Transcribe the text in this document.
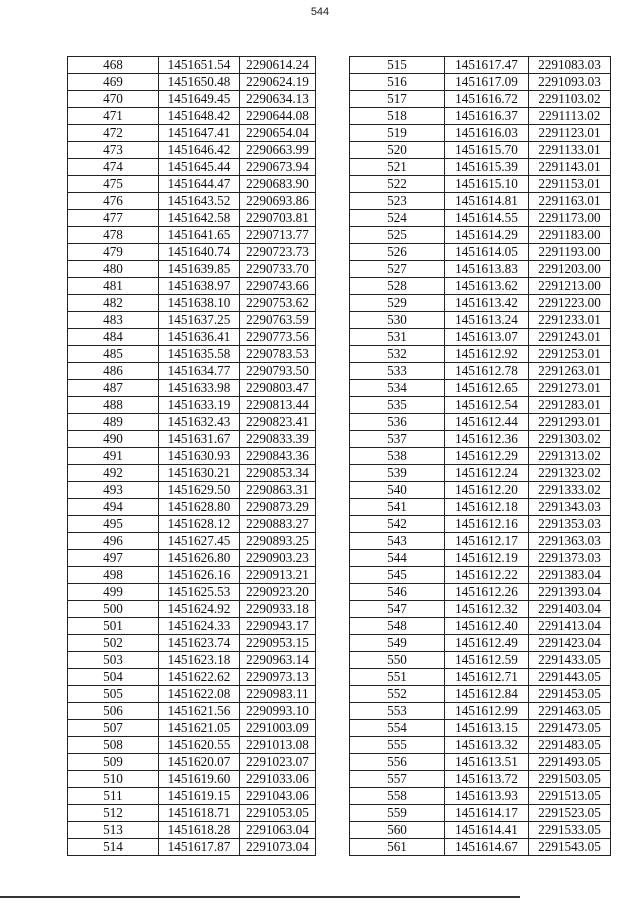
544
468	1451651.54	2290614.24
469	1451650.48	2290624.19
470	1451649.45	2290634.13
471	1451648.42	2290644.08
472	1451647.41	2290654.04
473	1451646.42	2290663.99
474	1451645.44	2290673.94
475	1451644.47	2290683.90
476	1451643.52	2290693.86
477	1451642.58	2290703.81
478	1451641.65	2290713.77
479	1451640.74	2290723.73
480	1451639.85	2290733.70
481	1451638.97	2290743.66
482	1451638.10	2290753.62
483	1451637.25	2290763.59
484	1451636.41	2290773.56
485	1451635.58	2290783.53
486	1451634.77	2290793.50
487	1451633.98	2290803.47
488	1451633.19	2290813.44
489	1451632.43	2290823.41
490	1451631.67	2290833.39
491	1451630.93	2290843.36
492	1451630.21	2290853.34
493	1451629.50	2290863.31
494	1451628.80	2290873.29
495	1451628.12	2290883.27
496	1451627.45	2290893.25
497	1451626.80	2290903.23
498	1451626.16	2290913.21
499	1451625.53	2290923.20
500	1451624.92	2290933.18
501	1451624.33	2290943.17
502	1451623.74	2290953.15
503	1451623.18	2290963.14
504	1451622.62	2290973.13
505	1451622.08	2290983.11
506	1451621.56	2290993.10
507	1451621.05	2291003.09
508	1451620.55	2291013.08
509	1451620.07	2291023.07
510	1451619.60	2291033.06
511	1451619.15	2291043.06
512	1451618.71	2291053.05
513	1451618.28	2291063.04
514	1451617.87	2291073.04
515	1451617.47	2291083.03
516	1451617.09	2291093.03
517	1451616.72	2291103.02
518	1451616.37	2291113.02
519	1451616.03	2291123.01
520	1451615.70	2291133.01
521	1451615.39	2291143.01
522	1451615.10	2291153.01
523	1451614.81	2291163.01
524	1451614.55	2291173.00
525	1451614.29	2291183.00
526	1451614.05	2291193.00
527	1451613.83	2291203.00
528	1451613.62	2291213.00
529	1451613.42	2291223.00
530	1451613.24	2291233.01
531	1451613.07	2291243.01
532	1451612.92	2291253.01
533	1451612.78	2291263.01
534	1451612.65	2291273.01
535	1451612.54	2291283.01
536	1451612.44	2291293.01
537	1451612.36	2291303.02
538	1451612.29	2291313.02
539	1451612.24	2291323.02
540	1451612.20	2291333.02
541	1451612.18	2291343.03
542	1451612.16	2291353.03
543	1451612.17	2291363.03
544	1451612.19	2291373.03
545	1451612.22	2291383.04
546	1451612.26	2291393.04
547	1451612.32	2291403.04
548	1451612.40	2291413.04
549	1451612.49	2291423.04
550	1451612.59	2291433.05
551	1451612.71	2291443.05
552	1451612.84	2291453.05
553	1451612.99	2291463.05
554	1451613.15	2291473.05
555	1451613.32	2291483.05
556	1451613.51	2291493.05
557	1451613.72	2291503.05
558	1451613.93	2291513.05
559	1451614.17	2291523.05
560	1451614.41	2291533.05
561	1451614.67	2291543.05
